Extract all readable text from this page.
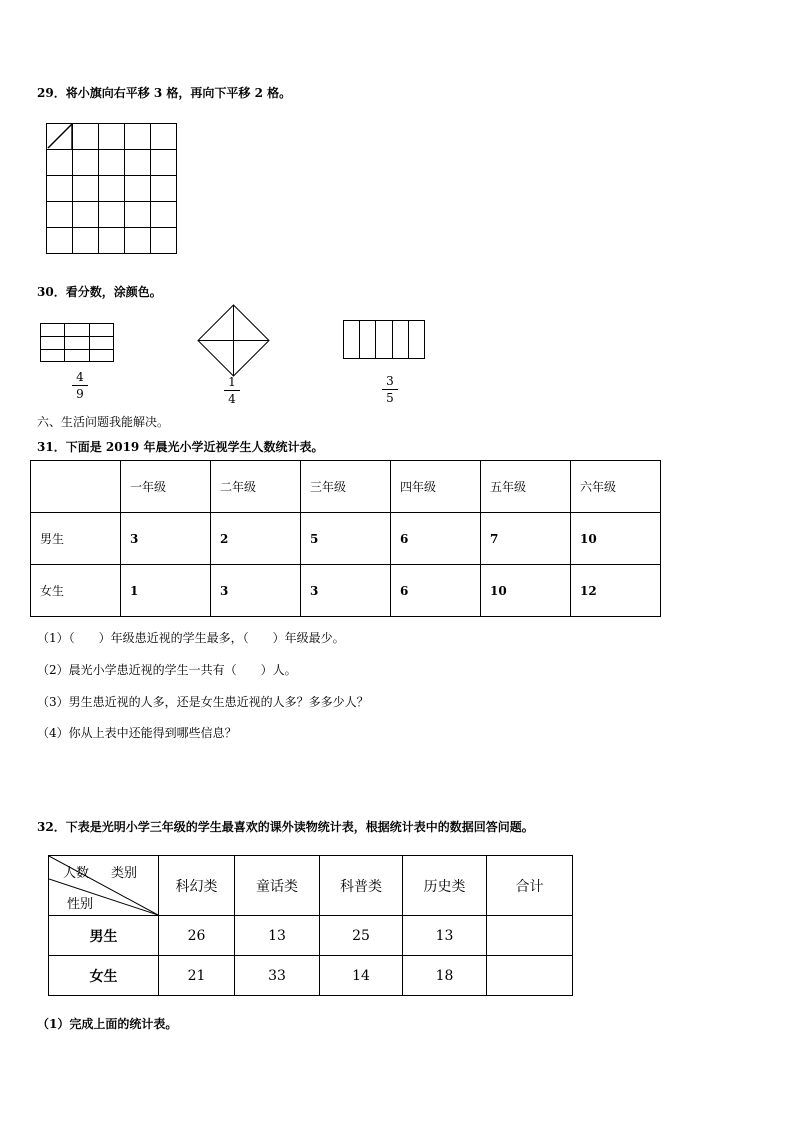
29．将小旗向右平移 3 格，再向下平移 2 格。
30．看分数，涂颜色。
4
9
1
4
3
5
六、生活问题我能解决。
31．下面是 2019 年晨光小学近视学生人数统计表。
	一年级	二年级	三年级	四年级	五年级	六年级
男生	3	2	5	6	7	10
女生	1	3	3	6	10	12
（1）（　　）年级患近视的学生最多，（　　）年级最少。
（2）晨光小学患近视的学生一共有（　　）人。
（3）男生患近视的人多，还是女生患近视的人多？多多少人？
（4）你从上表中还能得到哪些信息？
32．下表是光明小学三年级的学生最喜欢的课外读物统计表，根据统计表中的数据回答问题。
人数 类别
性别	科幻类	童话类	科普类	历史类	合计
男生	26	13	25	13	
女生	21	33	14	18	
（1）完成上面的统计表。
